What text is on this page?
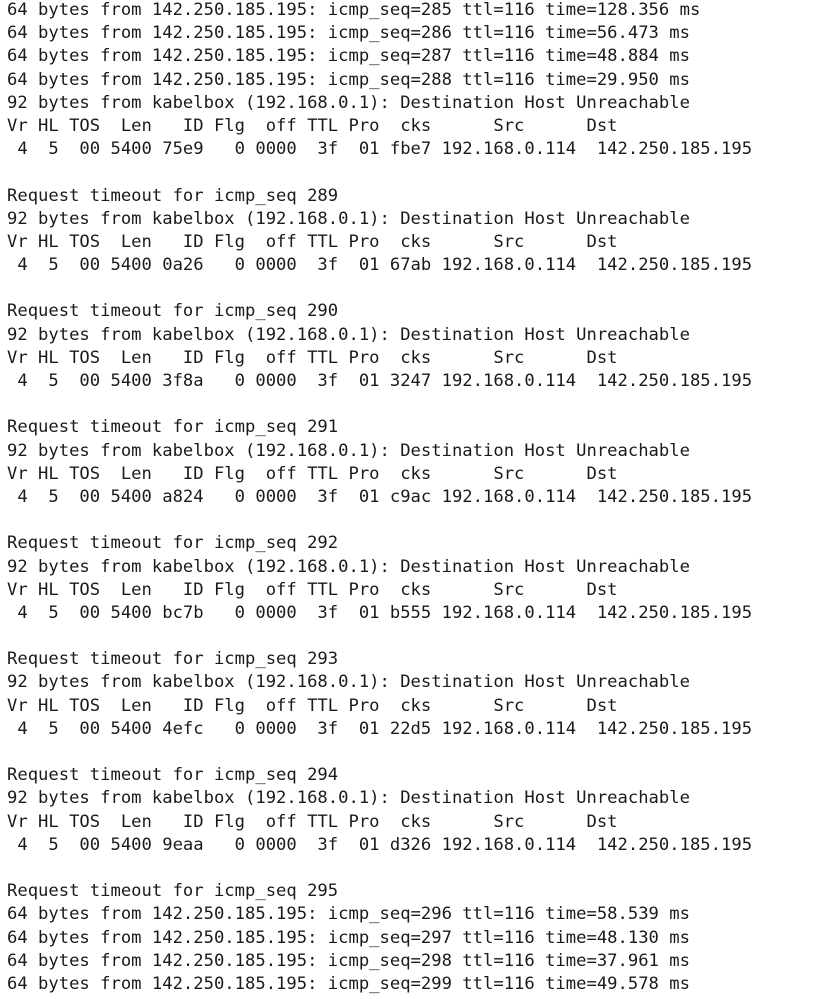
64 bytes from 142.250.185.195: icmp_seq=285 ttl=116 time=128.356 ms
64 bytes from 142.250.185.195: icmp_seq=286 ttl=116 time=56.473 ms
64 bytes from 142.250.185.195: icmp_seq=287 ttl=116 time=48.884 ms
64 bytes from 142.250.185.195: icmp_seq=288 ttl=116 time=29.950 ms
92 bytes from kabelbox (192.168.0.1): Destination Host Unreachable
Vr HL TOS  Len   ID Flg  off TTL Pro  cks      Src      Dst
4  5  00 5400 75e9   0 0000  3f  01 fbe7 192.168.0.114  142.250.185.195
Request timeout for icmp_seq 289
92 bytes from kabelbox (192.168.0.1): Destination Host Unreachable
Vr HL TOS  Len   ID Flg  off TTL Pro  cks      Src      Dst
4  5  00 5400 0a26   0 0000  3f  01 67ab 192.168.0.114  142.250.185.195
Request timeout for icmp_seq 290
92 bytes from kabelbox (192.168.0.1): Destination Host Unreachable
Vr HL TOS  Len   ID Flg  off TTL Pro  cks      Src      Dst
4  5  00 5400 3f8a   0 0000  3f  01 3247 192.168.0.114  142.250.185.195
Request timeout for icmp_seq 291
92 bytes from kabelbox (192.168.0.1): Destination Host Unreachable
Vr HL TOS  Len   ID Flg  off TTL Pro  cks      Src      Dst
4  5  00 5400 a824   0 0000  3f  01 c9ac 192.168.0.114  142.250.185.195
Request timeout for icmp_seq 292
92 bytes from kabelbox (192.168.0.1): Destination Host Unreachable
Vr HL TOS  Len   ID Flg  off TTL Pro  cks      Src      Dst
4  5  00 5400 bc7b   0 0000  3f  01 b555 192.168.0.114  142.250.185.195
Request timeout for icmp_seq 293
92 bytes from kabelbox (192.168.0.1): Destination Host Unreachable
Vr HL TOS  Len   ID Flg  off TTL Pro  cks      Src      Dst
4  5  00 5400 4efc   0 0000  3f  01 22d5 192.168.0.114  142.250.185.195
Request timeout for icmp_seq 294
92 bytes from kabelbox (192.168.0.1): Destination Host Unreachable
Vr HL TOS  Len   ID Flg  off TTL Pro  cks      Src      Dst
4  5  00 5400 9eaa   0 0000  3f  01 d326 192.168.0.114  142.250.185.195
Request timeout for icmp_seq 295
64 bytes from 142.250.185.195: icmp_seq=296 ttl=116 time=58.539 ms
64 bytes from 142.250.185.195: icmp_seq=297 ttl=116 time=48.130 ms
64 bytes from 142.250.185.195: icmp_seq=298 ttl=116 time=37.961 ms
64 bytes from 142.250.185.195: icmp_seq=299 ttl=116 time=49.578 ms
